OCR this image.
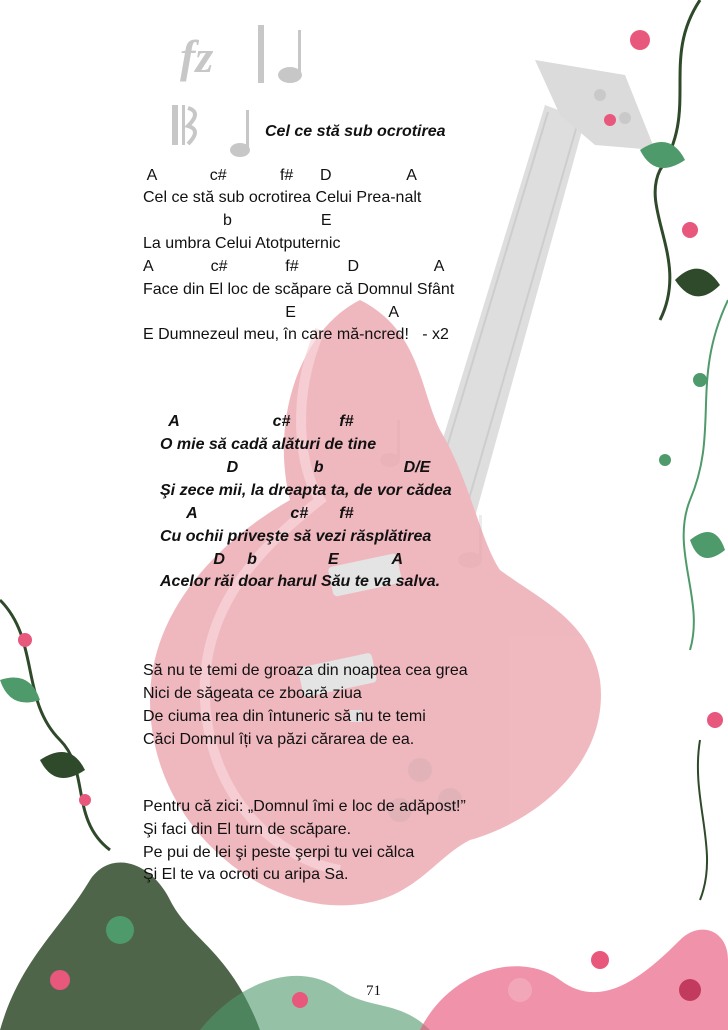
fz
Cel ce stă sub ocrotirea
A            c#            f#      D                 A
Cel ce stă sub ocrotirea Celui Prea-nalt
b                    E
La umbra Celui Atotputernic
A             c#             f#           D                 A
Face din El loc de scăpare că Domnul Sfânt
E                     A
E Dumnezeul meu, în care mă-ncred!   - x2
A                     c#           f#
O mie să cadă alături de tine
D                 b                  D/E
Şi zece mii, la dreapta ta, de vor cădea
A                     c#       f#
Cu ochii priveşte să vezi răsplătirea
D     b                E            A
Acelor răi doar harul Său te va salva.
Să nu te temi de groaza din noaptea cea grea
Nici de săgeata ce zboară ziua
De ciuma rea din întuneric să nu te temi
Căci Domnul îți va păzi cărarea de ea.
Pentru că zici: „Domnul îmi e loc de adăpost!”
Şi faci din El turn de scăpare.
Pe pui de lei şi peste şerpi tu vei călca
Şi El te va ocroti cu aripa Sa.
71
